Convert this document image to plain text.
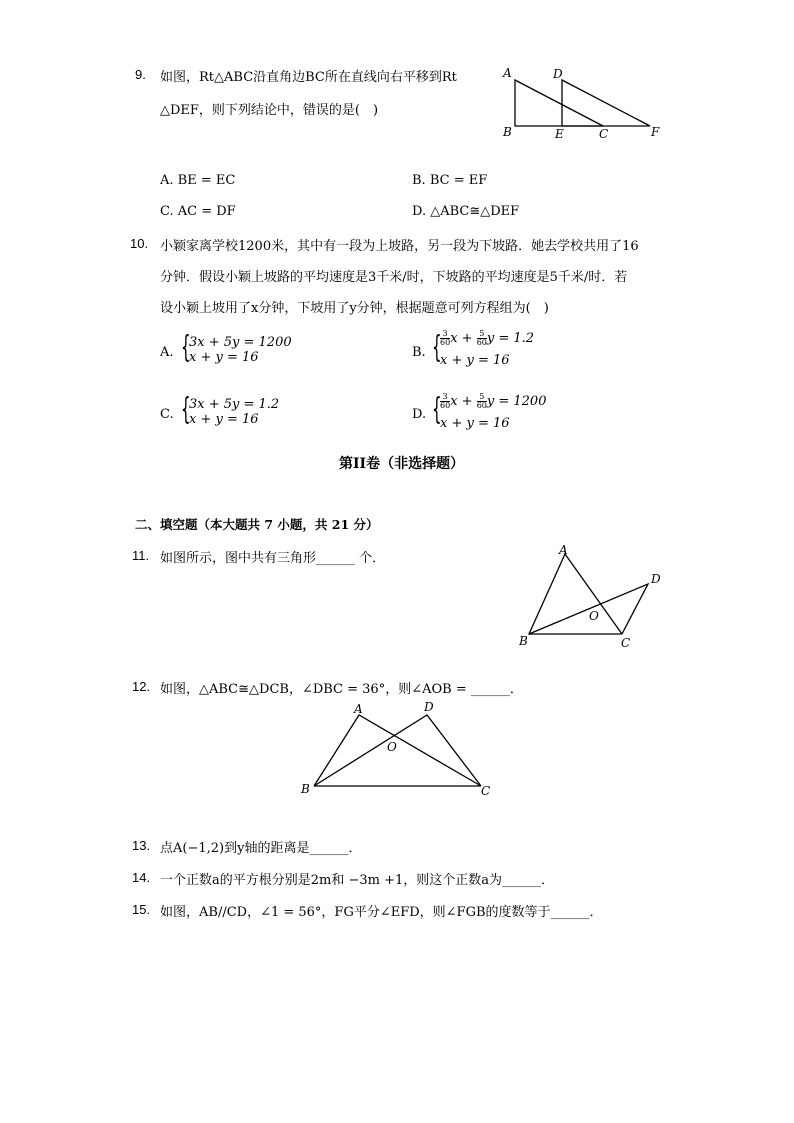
9. 如图，Rt△ABC沿直角边BC所在直线向右平移到Rt
△DEF，则下列结论中，错误的是(　)
A	D
B	E	C	F
A. BE = EC	B. BC = EF
C. AC = DF	D. △ABC≅△DEF
10. 小颖家离学校1200米，其中有一段为上坡路，另一段为下坡路．她去学校共用了16
分钟．假设小颖上坡路的平均速度是3千米/时，下坡路的平均速度是5千米/时．若
设小颖上坡用了x分钟，下坡用了y分钟，根据题意可列方程组为(　)
A. {
3x + 5y = 1200
x + y = 16	B. {
$\frac{3}{60}$ $x + \frac{5}{60}$ y = 1.2
x + y = 16
C. {
3x + 5y = 1.2
x + y = 16	D. {
$\frac{3}{60}$ $x + \frac{5}{60}$ y = 1200
x + y = 16
第II卷（非选择题）
二、填空题（本大题共 7 小题，共 21 分）
11. 如图所示，图中共有三角形______ 个．
A
D
O
B	C
12. 如图，△ABC≅△DCB，∠DBC = 36°，则∠AOB = ______．
A	D
O
B	C
13. 点A(−1,2)到y轴的距离是______．
14. 一个正数a的平方根分别是2m和 −3m +1，则这个正数a为______．
15. 如图，AB//CD，∠1 = 56°，FG平分∠EFD，则∠FGB的度数等于______．
